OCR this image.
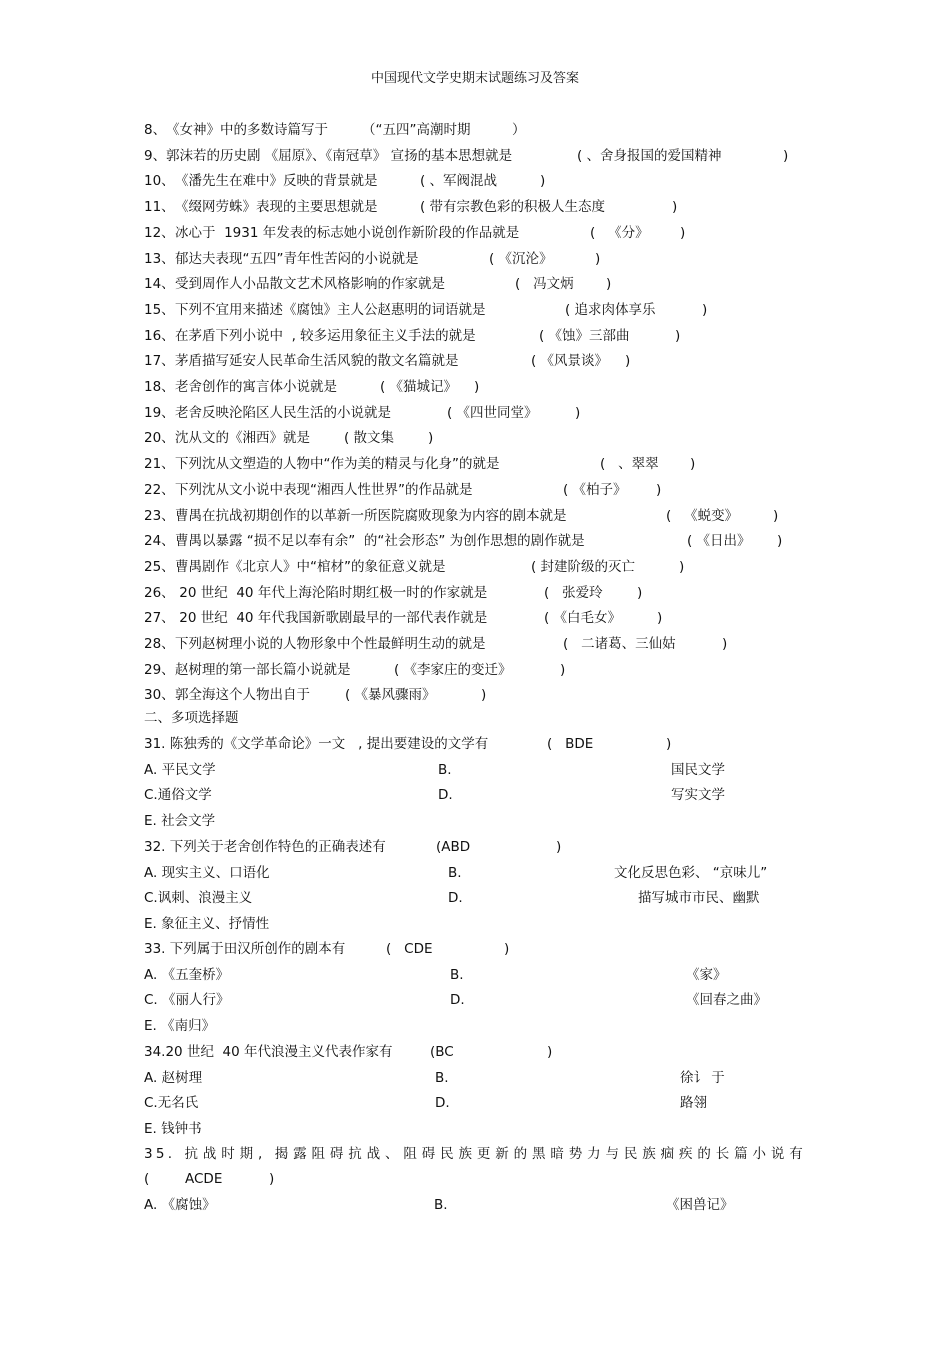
中国现代文学史期末试题练习及答案
8、 《女神》中的多数诗篇写于	（“五四”高潮时期	）
9、 郭沫若的历史剧 《屈原》、《南冠草》 宣扬的基本思想就是	( 、舍身报国的爱国精神	)
10、 《潘先生在难中》反映的背景就是	( 、军阀混战	)
11、 《缀网劳蛛》表现的主要思想就是	( 带有宗教色彩的积极人生态度	)
12、 冰心于  1931 年发表的标志她小说创作新阶段的作品就是	(   《分》 )
13、 郁达夫表现“五四”青年性苦闷的小说就是	( 《沉沦》	)
14、 受到周作人小品散文艺术风格影响的作家就是	(   冯文炳 )
15、 下列不宜用来描述《腐蚀》主人公赵惠明的词语就是	( 追求肉体享乐	)
16、 在茅盾下列小说中  , 较多运用象征主义手法的就是	( 《蚀》三部曲	)
17、 茅盾描写延安人民革命生活风貌的散文名篇就是	( 《风景谈》 )
18、 老舍创作的寓言体小说就是	( 《猫城记》 )
19、 老舍反映沦陷区人民生活的小说就是	( 《四世同堂》	)
20、 沈从文的《湘西》就是	( 散文集	)
21、 下列沈从文塑造的人物中“作为美的精灵与化身”的就是	(   、翠翠 )
22、 下列沈从文小说中表现“湘西人性世界”的作品就是	( 《柏子》 )
23、 曹禺在抗战初期创作的以革新一所医院腐败现象为内容的剧本就是	(   《蜕变》	)
24、 曹禺以暴露 “损不足以奉有余”  的“社会形态” 为创作思想的剧作就是	( 《日出》 )
25、 曹禺剧作《北京人》中“棺材”的象征意义就是	( 封建阶级的灭亡	)
26、 20 世纪  40 年代上海沦陷时期红极一时的作家就是	(   张爱玲	)
27、 20 世纪  40 年代我国新歌剧最早的一部代表作就是	( 《白毛女》	)
28、 下列赵树理小说的人物形象中个性最鲜明生动的就是	(   二诸葛、三仙姑	)
29、 赵树理的第一部长篇小说就是	( 《李家庄的变迁》	)
30、 郭全海这个人物出自于	( 《暴风骤雨》	)
二、多项选择题
31. 陈独秀的《文学革命论》一文   , 提出要建设的文学有	(   BDE	)
A. 平民文学	B.	国民文学
C.通俗文学	D.	写实文学
E. 社会文学
32. 下列关于老舍创作特色的正确表述有	(ABD	)
A. 现实主义、口语化	B.	文化反思色彩、 “京味儿”
C.讽刺、浪漫主义	D.	描写城市市民、幽默
E. 象征主义、抒情性
33. 下列属于田汉所创作的剧本有	(   CDE	)
A. 《五奎桥》	B.	《家》
C. 《丽人行》	D.	《回春之曲》
E. 《南归》
34.20 世纪  40 年代浪漫主义代表作家有	(BC	)
A. 赵树理	B.	徐讠 于
C.无名氏	D.	路翎
E. 钱钟书
35. 抗战时期, 揭露阻碍抗战、阻碍民族更新的黑暗势力与民族痼疾的长篇小说有
(	ACDE	)
A. 《腐蚀》	B.	《困兽记》
